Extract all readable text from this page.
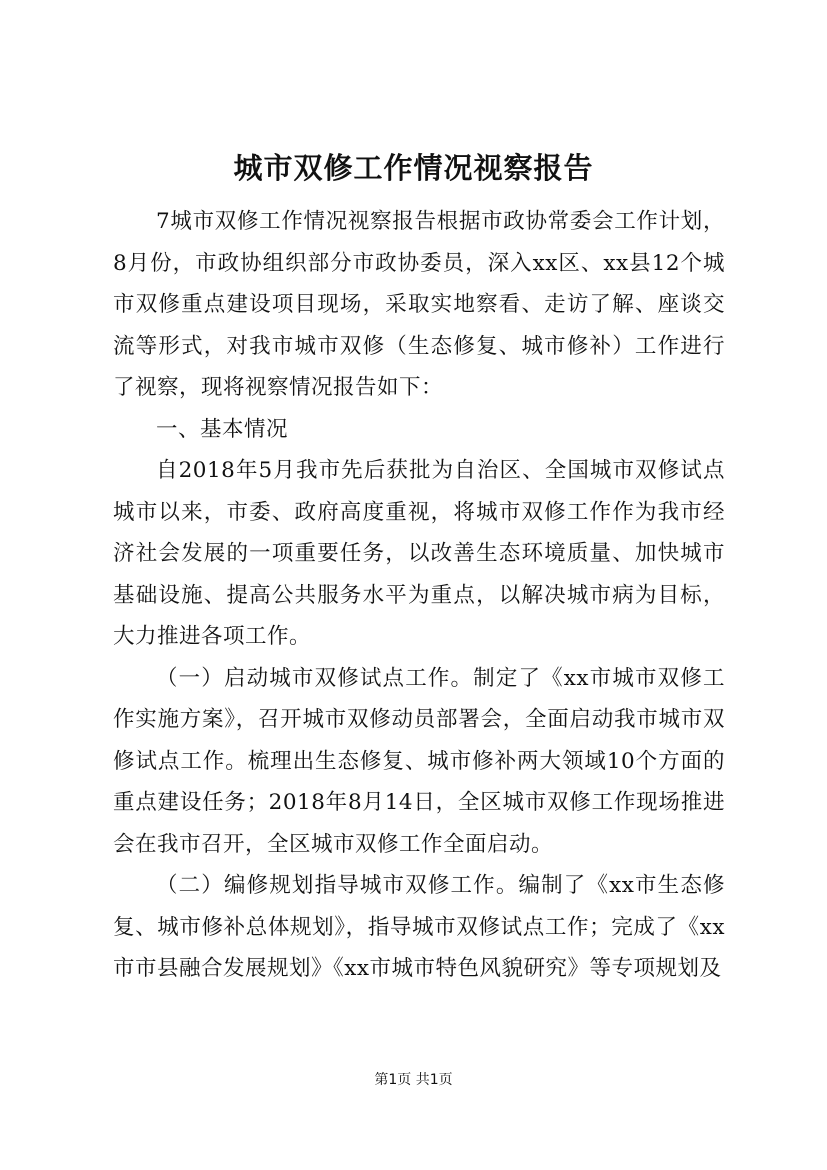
城市双修工作情况视察报告

7城市双修工作情况视察报告根据市政协常委会工作计划，8月份，市政协组织部分市政协委员，深入xx区、xx县12个城市双修重点建设项目现场，采取实地察看、走访了解、座谈交流等形式，对我市城市双修（生态修复、城市修补）工作进行了视察，现将视察情况报告如下：

一、基本情况

自2018年5月我市先后获批为自治区、全国城市双修试点城市以来，市委、政府高度重视，将城市双修工作作为我市经济社会发展的一项重要任务，以改善生态环境质量、加快城市基础设施、提高公共服务水平为重点，以解决城市病为目标，大力推进各项工作。

（一）启动城市双修试点工作。制定了《xx市城市双修工作实施方案》，召开城市双修动员部署会，全面启动我市城市双修试点工作。梳理出生态修复、城市修补两大领域10个方面的重点建设任务；2018年8月14日，全区城市双修工作现场推进会在我市召开，全区城市双修工作全面启动。

（二）编修规划指导城市双修工作。编制了《xx市生态修复、城市修补总体规划》，指导城市双修试点工作；完成了《xx市市县融合发展规划》《xx市城市特色风貌研究》等专项规划及

第1页 共1页
